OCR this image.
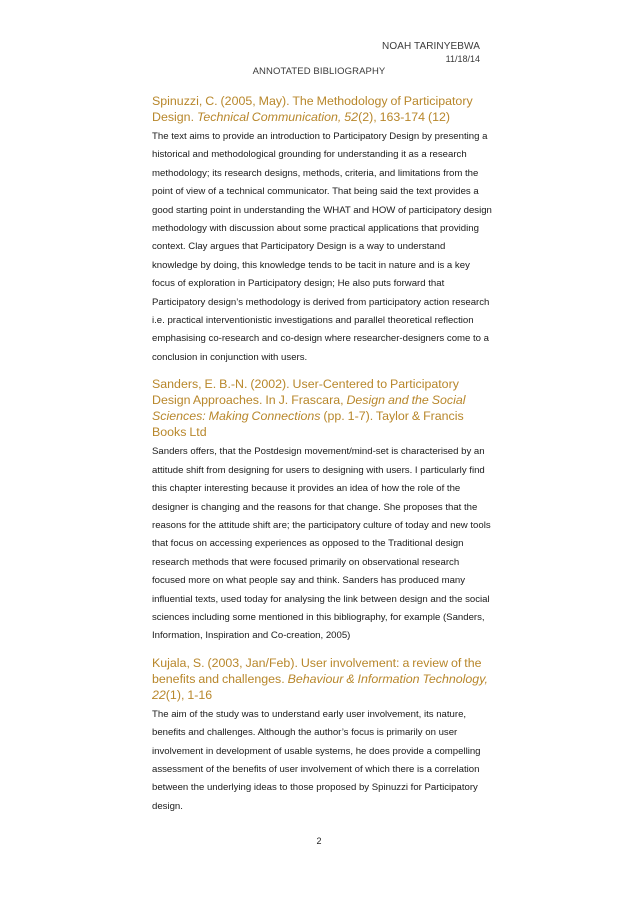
NOAH TARINYEBWA
11/18/14
ANNOTATED BIBLIOGRAPHY

Spinuzzi, C. (2005, May). The Methodology of Participatory Design. Technical Communication, 52(2), 163-174 (12)

The text aims to provide an introduction to Participatory Design by presenting a historical and methodological grounding for understanding it as a research methodology; its research designs, methods, criteria, and limitations from the point of view of a technical communicator. That being said the text provides a good starting point in understanding the WHAT and HOW of participatory design methodology with discussion about some practical applications that providing context. Clay argues that Participatory Design is a way to understand knowledge by doing, this knowledge tends to be tacit in nature and is a key focus of exploration in Participatory design; He also puts forward that Participatory design’s methodology is derived from participatory action research i.e. practical interventionistic investigations and parallel theoretical reflection emphasising co-research and co-design where researcher-designers come to a conclusion in conjunction with users.

Sanders, E. B.-N. (2002). User-Centered to Participatory Design Approaches. In J. Frascara, Design and the Social Sciences: Making Connections (pp. 1-7). Taylor & Francis Books Ltd

Sanders offers, that the Postdesign movement/mind-set is characterised by an attitude shift from designing for users to designing with users. I particularly find this chapter interesting because it provides an idea of how the role of the designer is changing and the reasons for that change. She proposes that the reasons for the attitude shift are; the participatory culture of today and new tools that focus on accessing experiences as opposed to the Traditional design research methods that were focused primarily on observational research focused more on what people say and think. Sanders has produced many influential texts, used today for analysing the link between design and the social sciences including some mentioned in this bibliography, for example (Sanders, Information, Inspiration and Co-creation, 2005)

Kujala, S. (2003, Jan/Feb). User involvement: a review of the benefits and challenges. Behaviour & Information Technology, 22(1), 1-16

The aim of the study was to understand early user involvement, its nature, benefits and challenges. Although the author’s focus is primarily on user involvement in development of usable systems, he does provide a compelling assessment of the benefits of user involvement of which there is a correlation between the underlying ideas to those proposed by Spinuzzi for Participatory design.

2
